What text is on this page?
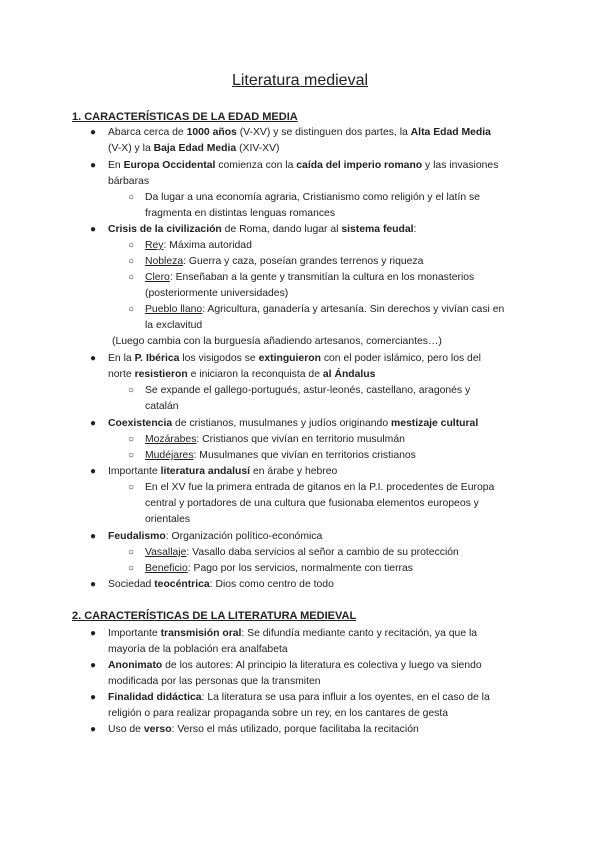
Literatura medieval
1. CARACTERÍSTICAS DE LA EDAD MEDIA
● Abarca cerca de 1000 años (V-XV) y se distinguen dos partes, la Alta Edad Media
(V-X) y la Baja Edad Media (XIV-XV)
● En Europa Occidental comienza con la caída del imperio romano y las invasiones
bárbaras
○ Da lugar a una economía agraria, Cristianismo como religión y el latín se
fragmenta en distintas lenguas romances
● Crisis de la civilización de Roma, dando lugar al sistema feudal:
○ Rey: Máxima autoridad
○ Nobleza: Guerra y caza, poseían grandes terrenos y riqueza
○ Clero: Enseñaban a la gente y transmitían la cultura en los monasterios
(posteriormente universidades)
○ Pueblo llano: Agricultura, ganadería y artesanía. Sin derechos y vivían casi en
la exclavitud
(Luego cambia con la burguesía añadiendo artesanos, comerciantes…)
● En la P. Ibérica los visigodos se extinguieron con el poder islámico, pero los del
norte resistieron e iniciaron la reconquista de al Ándalus
○ Se expande el gallego-portugués, astur-leonés, castellano, aragonés y
catalán
● Coexistencia de cristianos, musulmanes y judíos originando mestizaje cultural
○ Mozárabes: Cristianos que vivían en territorio musulmán
○ Mudéjares: Musulmanes que vivían en territorios cristianos
● Importante literatura andalusí en árabe y hebreo
○ En el XV fue la primera entrada de gitanos en la P.I. procedentes de Europa
central y portadores de una cultura que fusionaba elementos europeos y
orientales
● Feudalismo: Organización político-económica
○ Vasallaje: Vasallo daba servicios al señor a cambio de su protección
○ Beneficio: Pago por los servicios, normalmente con tierras
● Sociedad teocéntrica: Dios como centro de todo
2. CARACTERÍSTICAS DE LA LITERATURA MEDIEVAL
● Importante transmisión oral: Se difundía mediante canto y recitación, ya que la
mayoría de la población era analfabeta
● Anonimato de los autores: Al principio la literatura es colectiva y luego va siendo
modificada por las personas que la transmiten
● Finalidad didáctica: La literatura se usa para influir a los oyentes, en el caso de la
religión o para realizar propaganda sobre un rey, en los cantares de gesta
● Uso de verso: Verso el más utilizado, porque facilitaba la recitación
